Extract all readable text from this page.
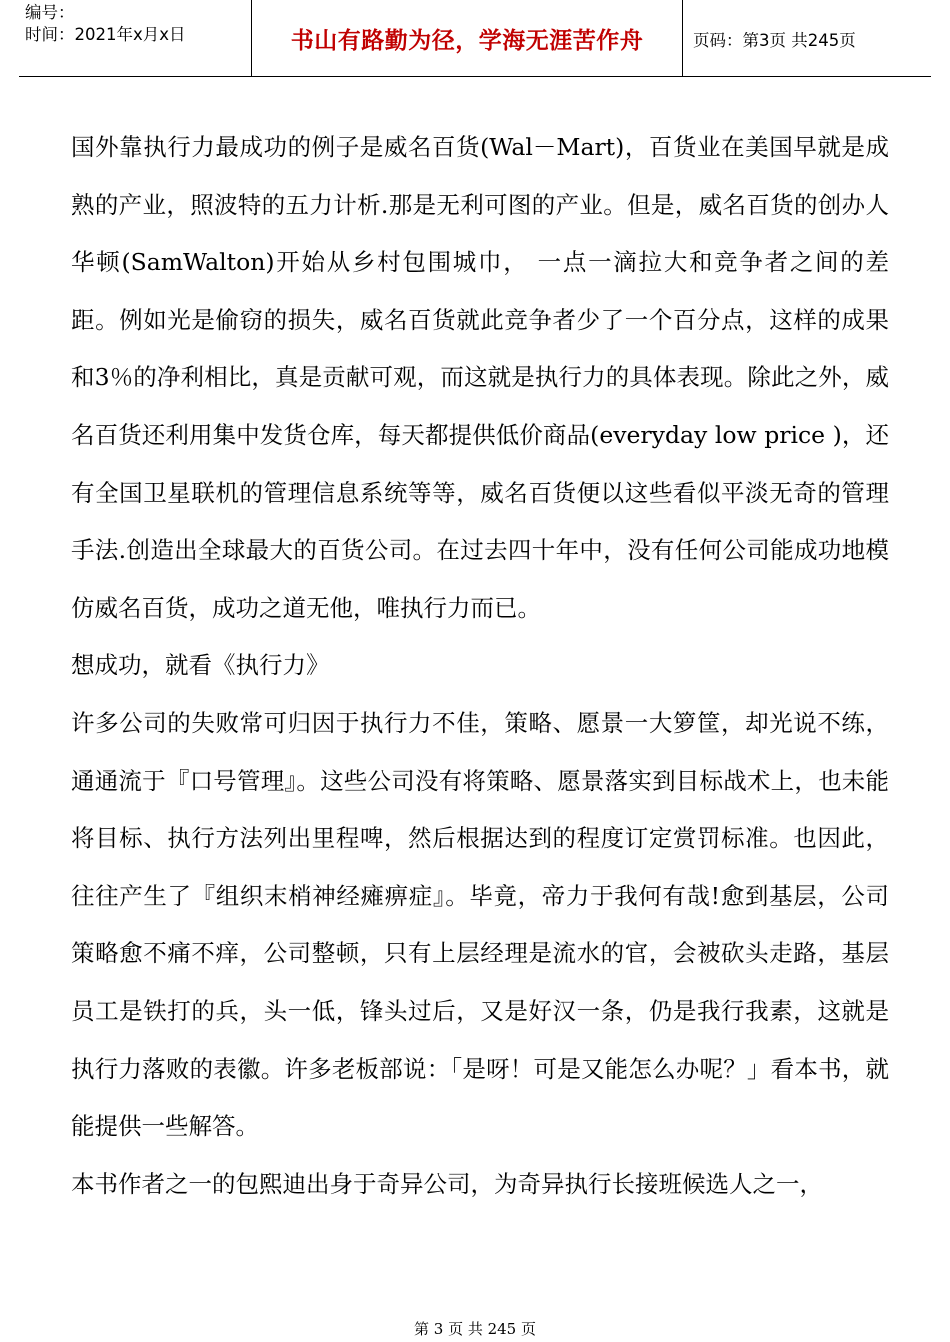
编号：
时间：2021年x月x日	书山有路勤为径，学海无涯苦作舟	页码：第3页 共245页

国外靠执行力最成功的例子是威名百货(Wal－Mart)，百货业在美国早就是成熟的产业，照波特的五力计析.那是无利可图的产业。但是，威名百货的创办人华顿(SamWalton)开始从乡村包围城巾， 一点一滴拉大和竞争者之间的差距。例如光是偷窃的损失，威名百货就此竞争者少了一个百分点，这样的成果和3％的净利相比，真是贡献可观，而这就是执行力的具体表现。除此之外，威名百货还利用集中发货仓库，每天都提供低价商品(everyday low price )，还有全国卫星联机的管理信息系统等等，威名百货便以这些看似平淡无奇的管理手法.创造出全球最大的百货公司。在过去四十年中，没有任何公司能成功地模仿威名百货，成功之道无他，唯执行力而已。

想成功，就看《执行力》

许多公司的失败常可归因于执行力不佳，策略、愿景一大箩筐，却光说不练，通通流于『口号管理』。这些公司没有将策略、愿景落实到目标战术上，也未能将目标、执行方法列出里程啤，然后根据达到的程度订定赏罚标准。也因此，往往产生了『组织末梢神经瘫痹症』。毕竟，帝力于我何有哉!愈到基层，公司策略愈不痛不痒，公司整顿，只有上层经理是流水的官，会被砍头走路，基层员工是铁打的兵，头一低，锋头过后，又是好汉一条，仍是我行我素，这就是执行力落败的表徽。许多老板部说：「是呀！可是又能怎么办呢？」看本书，就能提供一些解答。

本书作者之一的包熙迪出身于奇异公司，为奇异执行长接班候选人之一，

第 3 页 共 245 页
